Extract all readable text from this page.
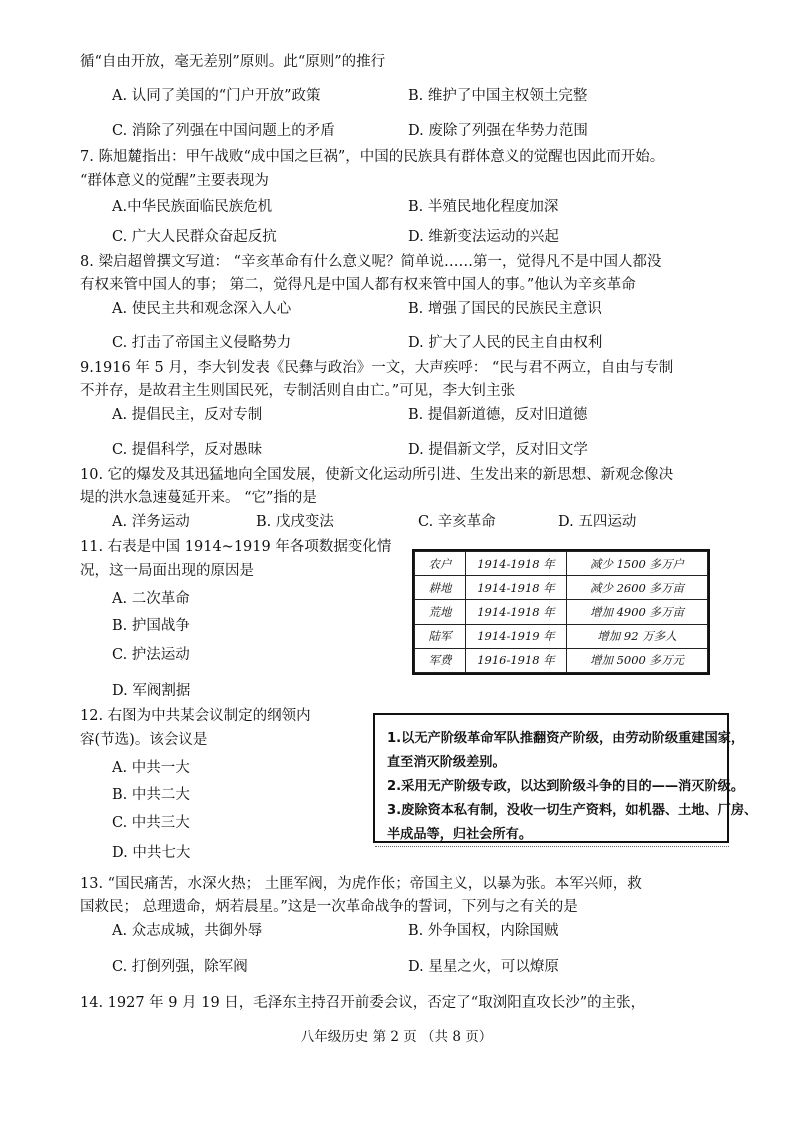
循“自由开放，毫无差别”原则。此“原则”的推行
A. 认同了美国的“门户开放”政策	B. 维护了中国主权领土完整
C. 消除了列强在中国问题上的矛盾	D. 废除了列强在华势力范围
7. 陈旭麓指出：甲午战败“成中国之巨祸”，中国的民族具有群体意义的觉醒也因此而开始。
“群体意义的觉醒”主要表现为
A.中华民族面临民族危机	B. 半殖民地化程度加深
C. 广大人民群众奋起反抗	D. 维新变法运动的兴起
8. 梁启超曾撰文写道： “辛亥革命有什么意义呢？简单说……第一，觉得凡不是中国人都没
有权来管中国人的事； 第二，觉得凡是中国人都有权来管中国人的事。”他认为辛亥革命
A. 使民主共和观念深入人心	B. 增强了国民的民族民主意识
C. 打击了帝国主义侵略势力	D. 扩大了人民的民主自由权利
9.1916 年 5 月，李大钊发表《民彝与政治》一文，大声疾呼： “民与君不两立，自由与专制
不并存，是故君主生则国民死，专制活则自由亡。”可见，李大钊主张
A. 提倡民主，反对专制	B. 提倡新道德，反对旧道德
C. 提倡科学，反对愚昧	D. 提倡新文学，反对旧文学
10. 它的爆发及其迅猛地向全国发展，使新文化运动所引进、生发出来的新思想、新观念像决
堤的洪水急速蔓延开来。 “它”指的是
A. 洋务运动	B. 戊戌变法	C. 辛亥革命	D. 五四运动
11. 右表是中国 1914~1919 年各项数据变化情
况，这一局面出现的原因是
A. 二次革命
B. 护国战争
C. 护法运动
D. 军阀割据
农户	1914-1918 年	减少 1500 多万户
耕地	1914-1918 年	减少 2600 多万亩
荒地	1914-1918 年	增加 4900 多万亩
陆军	1914-1919 年	增加 92 万多人
军费	1916-1918 年	增加 5000 多万元
12. 右图为中共某会议制定的纲领内
容(节选)。该会议是
A. 中共一大
B. 中共二大
C. 中共三大
D. 中共七大
1.以无产阶级革命军队推翻资产阶级，由劳动阶级重建国家，
直至消灭阶级差别。
2.采用无产阶级专政，以达到阶级斗争的目的——消灭阶级。
3.废除资本私有制，没收一切生产资料，如机器、土地、厂房、
半成品等，归社会所有。
13. “国民痛苦，水深火热； 土匪军阀，为虎作伥；帝国主义，以暴为张。本军兴师，救
国救民； 总理遗命，炳若晨星。”这是一次革命战争的誓词，下列与之有关的是
A. 众志成城，共御外辱	B. 外争国权，内除国贼
C. 打倒列强，除军阀	D. 星星之火，可以燎原
14. 1927 年 9 月 19 日，毛泽东主持召开前委会议，否定了“取浏阳直攻长沙”的主张，
八年级历史 第 2 页 （共 8 页）
